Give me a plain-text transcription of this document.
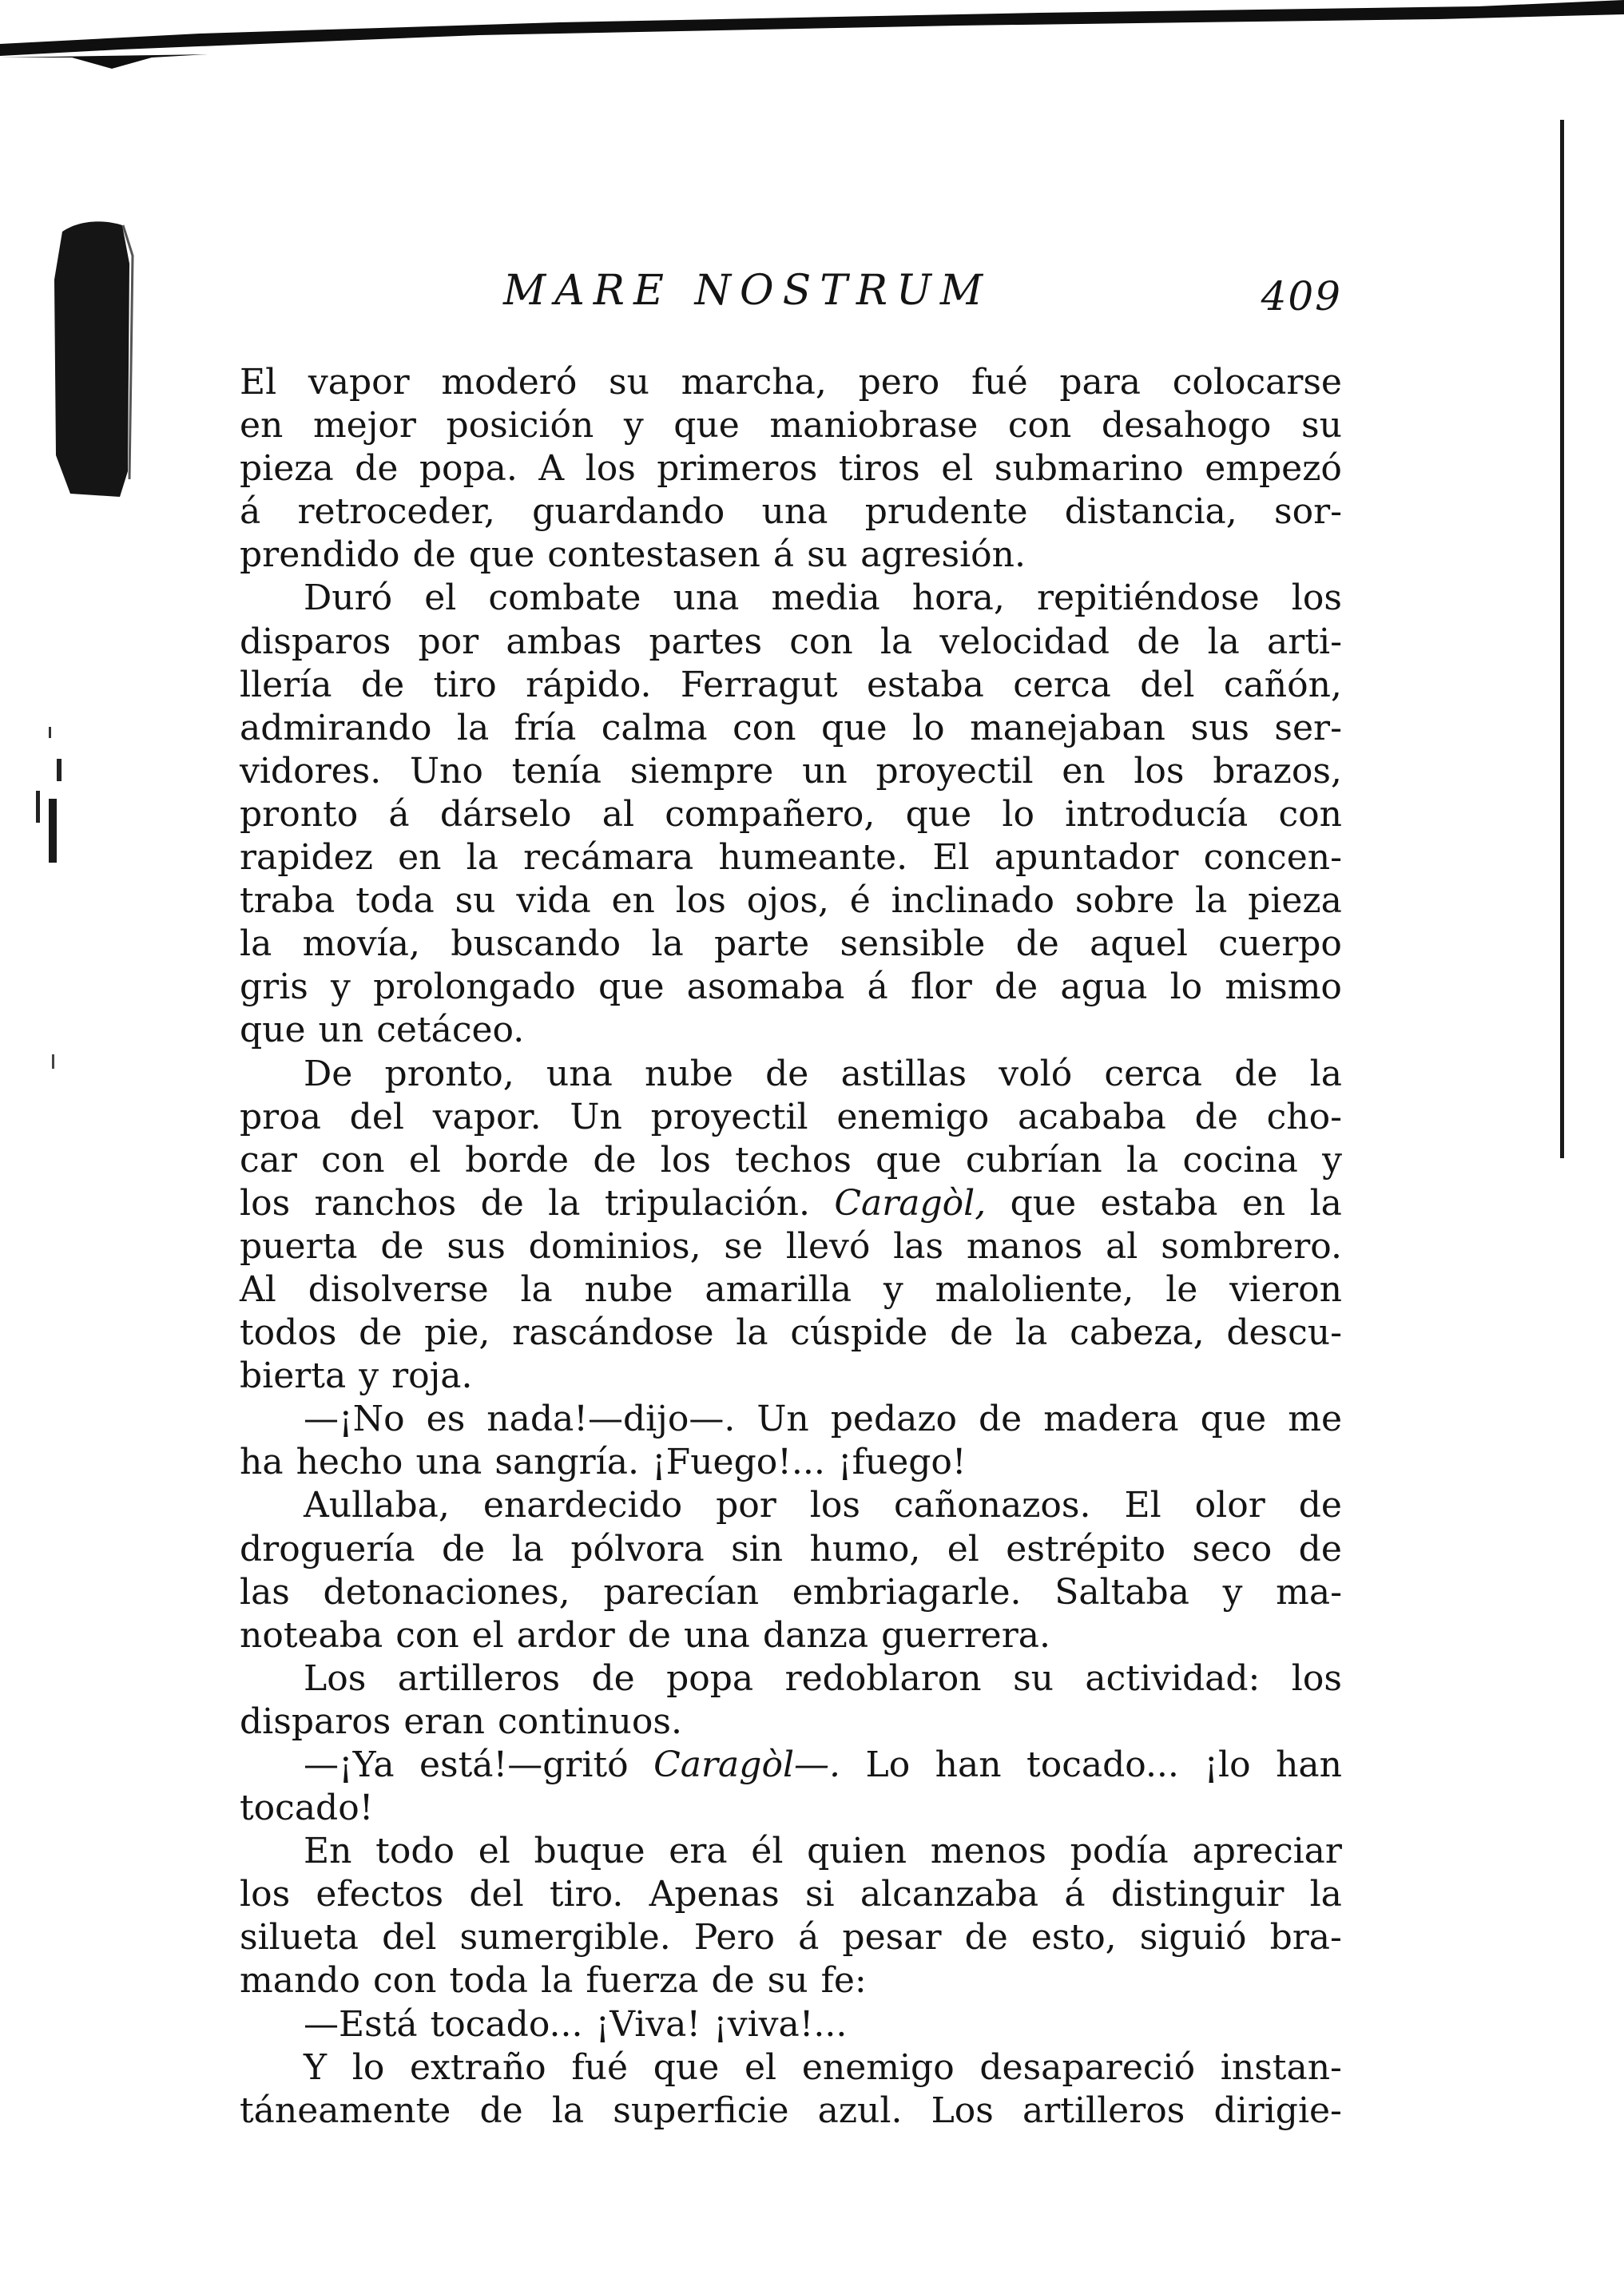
MARE NOSTRUM	409
El vapor moderó su marcha, pero fué para colocarse
en mejor posición y que maniobrase con desahogo su
pieza de popa. A los primeros tiros el submarino empezó
á retroceder, guardando una prudente distancia, sor-
prendido de que contestasen á su agresión.
Duró el combate una media hora, repitiéndose los
disparos por ambas partes con la velocidad de la arti-
llería de tiro rápido. Ferragut estaba cerca del cañón,
admirando la fría calma con que lo manejaban sus ser-
vidores. Uno tenía siempre un proyectil en los brazos,
pronto á dárselo al compañero, que lo introducía con
rapidez en la recámara humeante. El apuntador concen-
traba toda su vida en los ojos, é inclinado sobre la pieza
la movía, buscando la parte sensible de aquel cuerpo
gris y prolongado que asomaba á flor de agua lo mismo
que un cetáceo.
De pronto, una nube de astillas voló cerca de la
proa del vapor. Un proyectil enemigo acababa de cho-
car con el borde de los techos que cubrían la cocina y
los ranchos de la tripulación. Caragòl, que estaba en la
puerta de sus dominios, se llevó las manos al sombrero.
Al disolverse la nube amarilla y maloliente, le vieron
todos de pie, rascándose la cúspide de la cabeza, descu-
bierta y roja.
—¡No es nada!—dijo—. Un pedazo de madera que me
ha hecho una sangría. ¡Fuego!... ¡fuego!
Aullaba, enardecido por los cañonazos. El olor de
droguería de la pólvora sin humo, el estrépito seco de
las detonaciones, parecían embriagarle. Saltaba y ma-
noteaba con el ardor de una danza guerrera.
Los artilleros de popa redoblaron su actividad: los
disparos eran continuos.
—¡Ya está!—gritó Caragòl—. Lo han tocado... ¡lo han
tocado!
En todo el buque era él quien menos podía apreciar
los efectos del tiro. Apenas si alcanzaba á distinguir la
silueta del sumergible. Pero á pesar de esto, siguió bra-
mando con toda la fuerza de su fe:
—Está tocado... ¡Viva! ¡viva!...
Y lo extraño fué que el enemigo desapareció instan-
táneamente de la superficie azul. Los artilleros dirigie-
